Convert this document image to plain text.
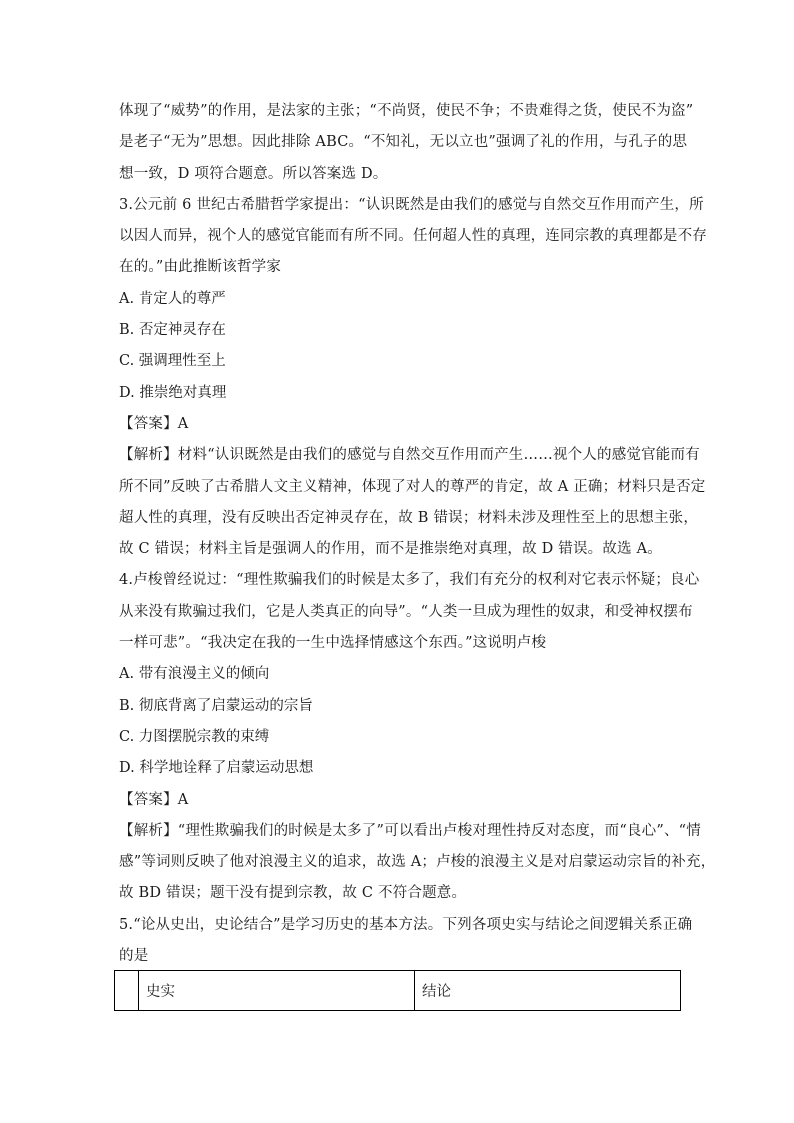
体现了“威势”的作用，是法家的主张；“不尚贤，使民不争；不贵难得之货，使民不为盗”
是老子“无为”思想。因此排除 ABC。“不知礼，无以立也”强调了礼的作用，与孔子的思
想一致，D 项符合题意。所以答案选 D。
3.公元前 6 世纪古希腊哲学家提出：“认识既然是由我们的感觉与自然交互作用而产生，所
以因人而异，视个人的感觉官能而有所不同。任何超人性的真理，连同宗教的真理都是不存
在的。”由此推断该哲学家
A. 肯定人的尊严
B. 否定神灵存在
C. 强调理性至上
D. 推崇绝对真理
【答案】A
【解析】材料“认识既然是由我们的感觉与自然交互作用而产生……视个人的感觉官能而有
所不同”反映了古希腊人文主义精神，体现了对人的尊严的肯定，故 A 正确；材料只是否定
超人性的真理，没有反映出否定神灵存在，故 B 错误；材料未涉及理性至上的思想主张，
故 C 错误；材料主旨是强调人的作用，而不是推崇绝对真理，故 D 错误。故选 A。
4.卢梭曾经说过：“理性欺骗我们的时候是太多了，我们有充分的权利对它表示怀疑；良心
从来没有欺骗过我们，它是人类真正的向导”。“人类一旦成为理性的奴隶，和受神权摆布
一样可悲”。“我决定在我的一生中选择情感这个东西。”这说明卢梭
A. 带有浪漫主义的倾向
B. 彻底背离了启蒙运动的宗旨
C. 力图摆脱宗教的束缚
D. 科学地诠释了启蒙运动思想
【答案】A
【解析】“理性欺骗我们的时候是太多了”可以看出卢梭对理性持反对态度，而“良心”、“情
感”等词则反映了他对浪漫主义的追求，故选 A；卢梭的浪漫主义是对启蒙运动宗旨的补充，
故 BD 错误；题干没有提到宗教，故 C 不符合题意。
5.“论从史出，史论结合”是学习历史的基本方法。下列各项史实与结论之间逻辑关系正确
的是
史实	结论
